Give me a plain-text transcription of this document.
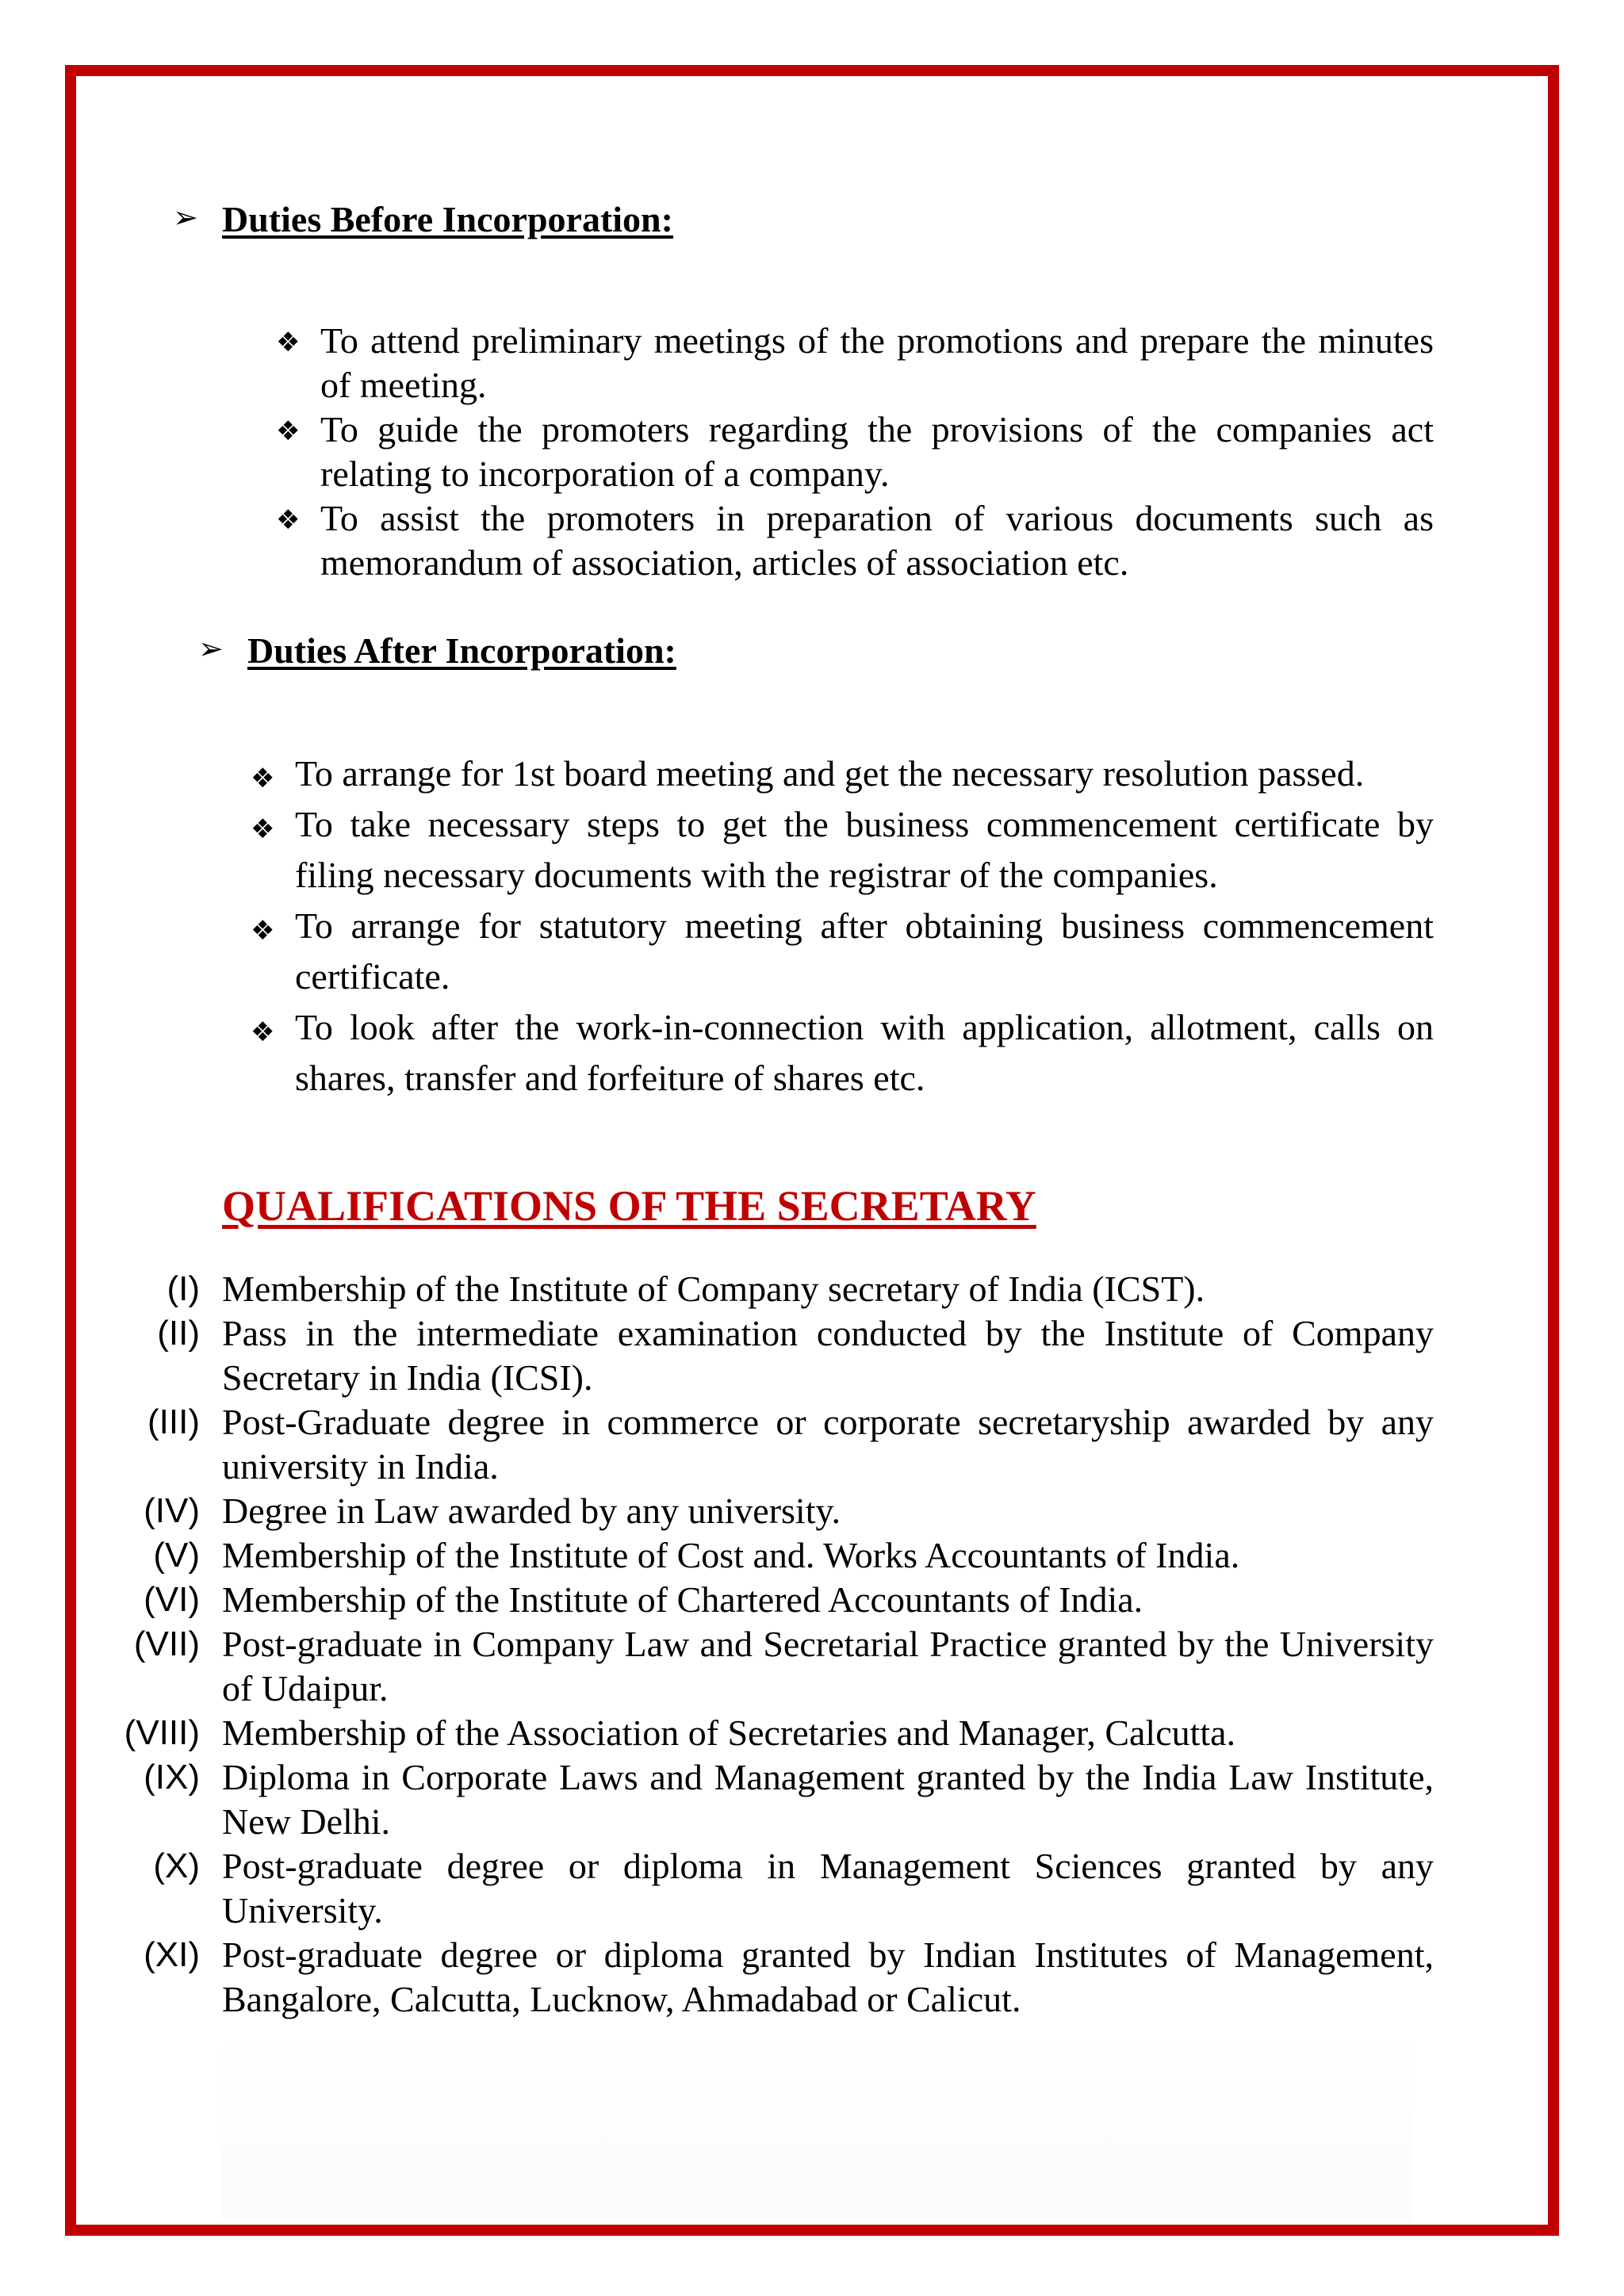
➢ Duties Before Incorporation:
❖ To attend preliminary meetings of the promotions and prepare the minutes of meeting.
❖ To guide the promoters regarding the provisions of the companies act relating to incorporation of a company.
❖ To assist the promoters in preparation of various documents such as memorandum of association, articles of association etc.
➢ Duties After Incorporation:
❖ To arrange for 1st board meeting and get the necessary resolution passed.
❖ To take necessary steps to get the business commencement certificate by filing necessary documents with the registrar of the companies.
❖ To arrange for statutory meeting after obtaining business commencement certificate.
❖ To look after the work-in-connection with application, allotment, calls on shares, transfer and forfeiture of shares etc.
QUALIFICATIONS OF THE SECRETARY
(I) Membership of the Institute of Company secretary of India (ICST).
(II) Pass in the intermediate examination conducted by the Institute of Company Secretary in India (ICSI).
(III) Post-Graduate degree in commerce or corporate secretaryship awarded by any university in India.
(IV) Degree in Law awarded by any university.
(V) Membership of the Institute of Cost and. Works Accountants of India.
(VI) Membership of the Institute of Chartered Accountants of India.
(VII) Post-graduate in Company Law and Secretarial Practice granted by the University of Udaipur.
(VIII) Membership of the Association of Secretaries and Manager, Calcutta.
(IX) Diploma in Corporate Laws and Management granted by the India Law Institute, New Delhi.
(X) Post-graduate degree or diploma in Management Sciences granted by any University.
(XI) Post-graduate degree or diploma granted by Indian Institutes of Management, Bangalore, Calcutta, Lucknow, Ahmadabad or Calicut.
